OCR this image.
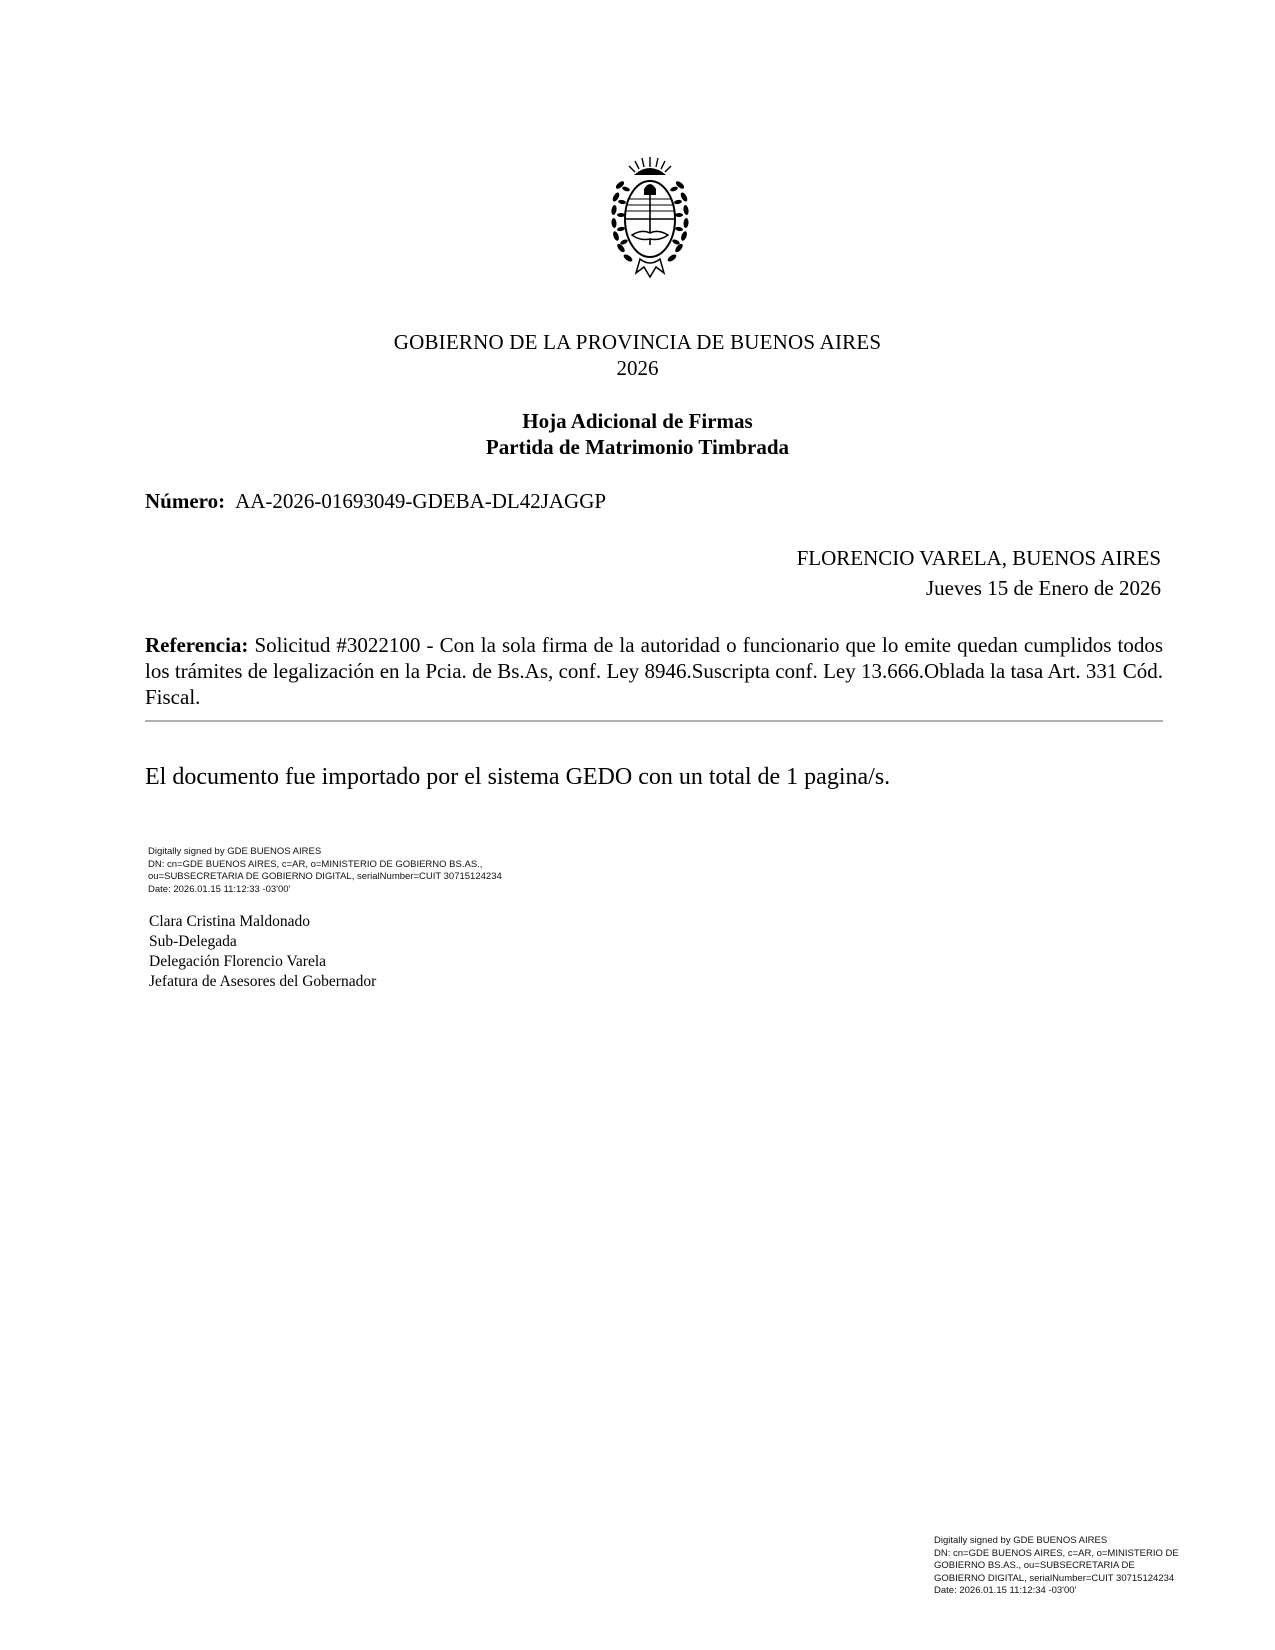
GOBIERNO DE LA PROVINCIA DE BUENOS AIRES
2026
Hoja Adicional de Firmas
Partida de Matrimonio Timbrada
Número: AA-2026-01693049-GDEBA-DL42JAGGP
FLORENCIO VARELA, BUENOS AIRES
Jueves 15 de Enero de 2026
Referencia: Solicitud #3022100 - Con la sola firma de la autoridad o funcionario que lo emite quedan cumplidos todos los trámites de legalización en la Pcia. de Bs.As, conf. Ley 8946.Suscripta conf. Ley 13.666.Oblada la tasa Art. 331 Cód. Fiscal.
El documento fue importado por el sistema GEDO con un total de 1 pagina/s.
Digitally signed by GDE BUENOS AIRES
DN: cn=GDE BUENOS AIRES, c=AR, o=MINISTERIO DE GOBIERNO BS.AS.,
ou=SUBSECRETARIA DE GOBIERNO DIGITAL, serialNumber=CUIT 30715124234
Date: 2026.01.15 11:12:33 -03'00'
Clara Cristina Maldonado
Sub-Delegada
Delegación Florencio Varela
Jefatura de Asesores del Gobernador
Digitally signed by GDE BUENOS AIRES
DN: cn=GDE BUENOS AIRES, c=AR, o=MINISTERIO DE
GOBIERNO BS.AS., ou=SUBSECRETARIA DE
GOBIERNO DIGITAL, serialNumber=CUIT 30715124234
Date: 2026.01.15 11:12:34 -03'00'
